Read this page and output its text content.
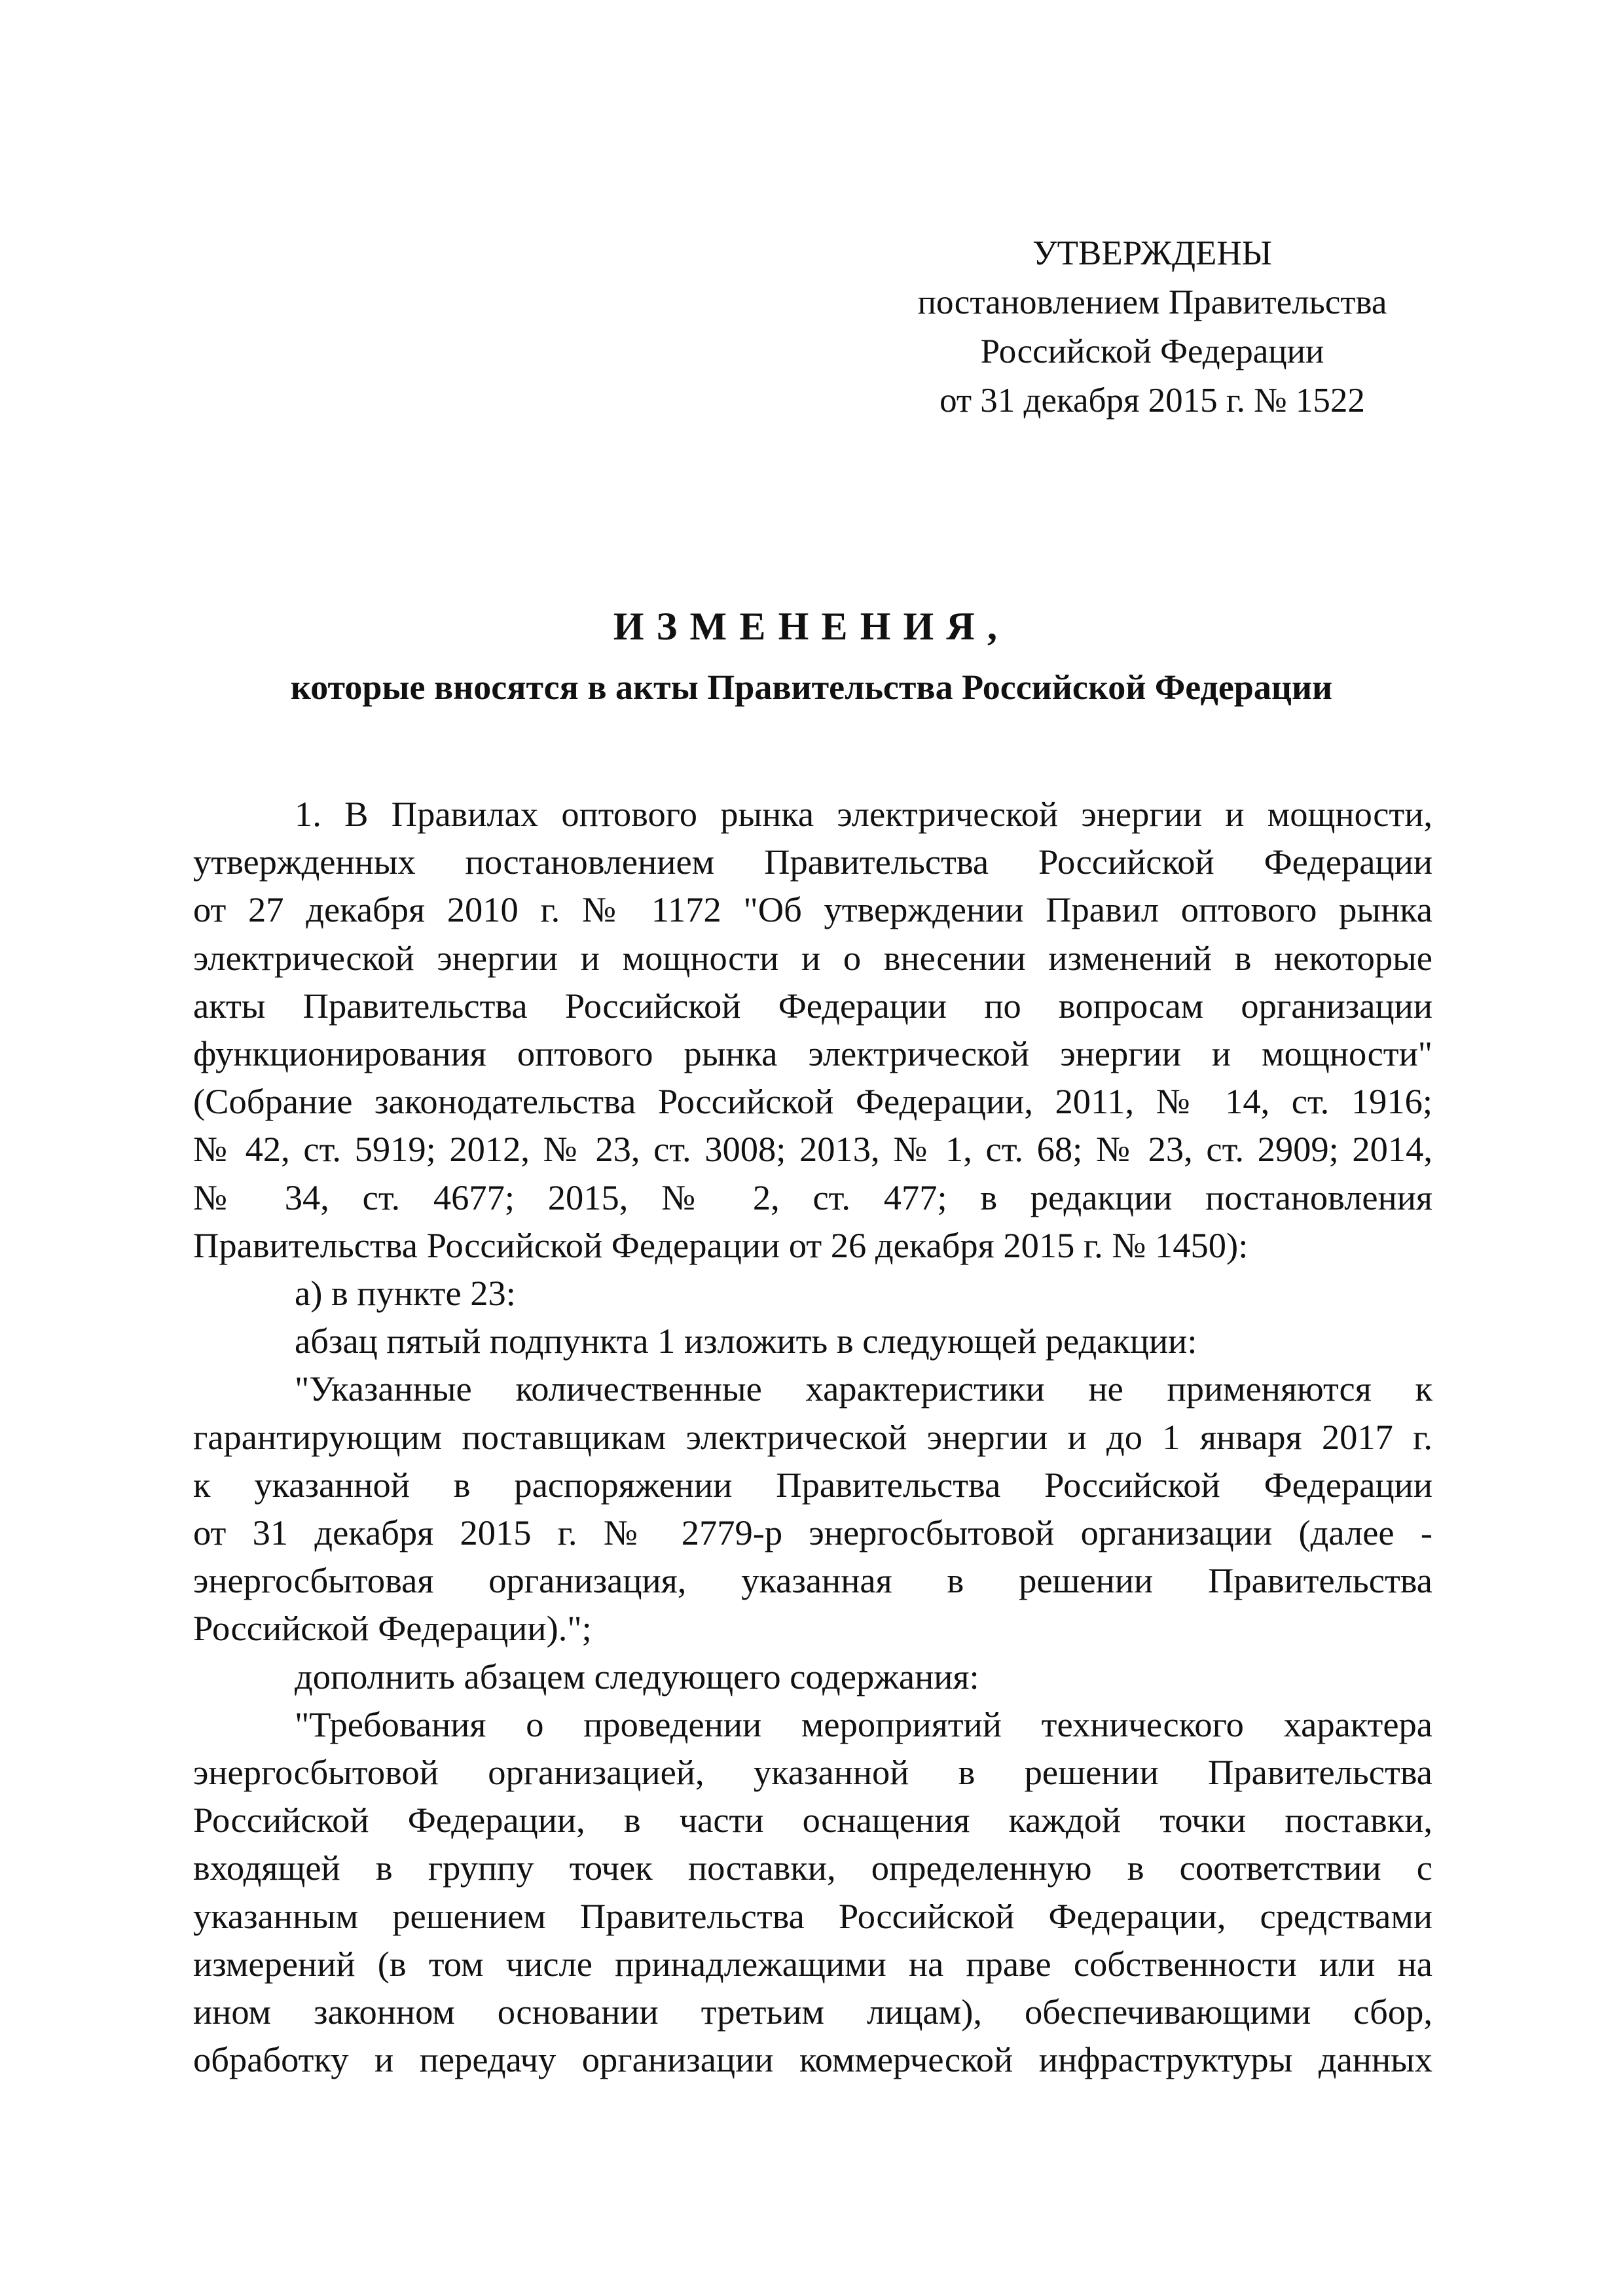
УТВЕРЖДЕНЫ
постановлением Правительства
Российской Федерации
от 31 декабря 2015 г. № 1522
ИЗМЕНЕНИЯ,
которые вносятся в акты Правительства Российской Федерации

1. В Правилах оптового рынка электрической энергии и мощности,
утвержденных постановлением Правительства Российской Федерации
от 27 декабря 2010 г. № 1172 "Об утверждении Правил оптового рынка
электрической энергии и мощности и о внесении изменений в некоторые
акты Правительства Российской Федерации по вопросам организации
функционирования оптового рынка электрической энергии и мощности"
(Собрание законодательства Российской Федерации, 2011, № 14, ст. 1916;
№ 42, ст. 5919; 2012, № 23, ст. 3008; 2013, № 1, ст. 68; № 23, ст. 2909; 2014,
№ 34, ст. 4677; 2015, № 2, ст. 477; в редакции постановления
Правительства Российской Федерации от 26 декабря 2015 г. № 1450):

а) в пункте 23:

абзац пятый подпункта 1 изложить в следующей редакции:

"Указанные количественные характеристики не применяются к
гарантирующим поставщикам электрической энергии и до 1 января 2017 г.
к указанной в распоряжении Правительства Российской Федерации
от 31 декабря 2015 г. № 2779-р энергосбытовой организации (далее -
энергосбытовая организация, указанная в решении Правительства
Российской Федерации).";

дополнить абзацем следующего содержания:

"Требования о проведении мероприятий технического характера
энергосбытовой организацией, указанной в решении Правительства
Российской Федерации, в части оснащения каждой точки поставки,
входящей в группу точек поставки, определенную в соответствии с
указанным решением Правительства Российской Федерации, средствами
измерений (в том числе принадлежащими на праве собственности или на
ином законном основании третьим лицам), обеспечивающими сбор,
обработку и передачу организации коммерческой инфраструктуры данных
